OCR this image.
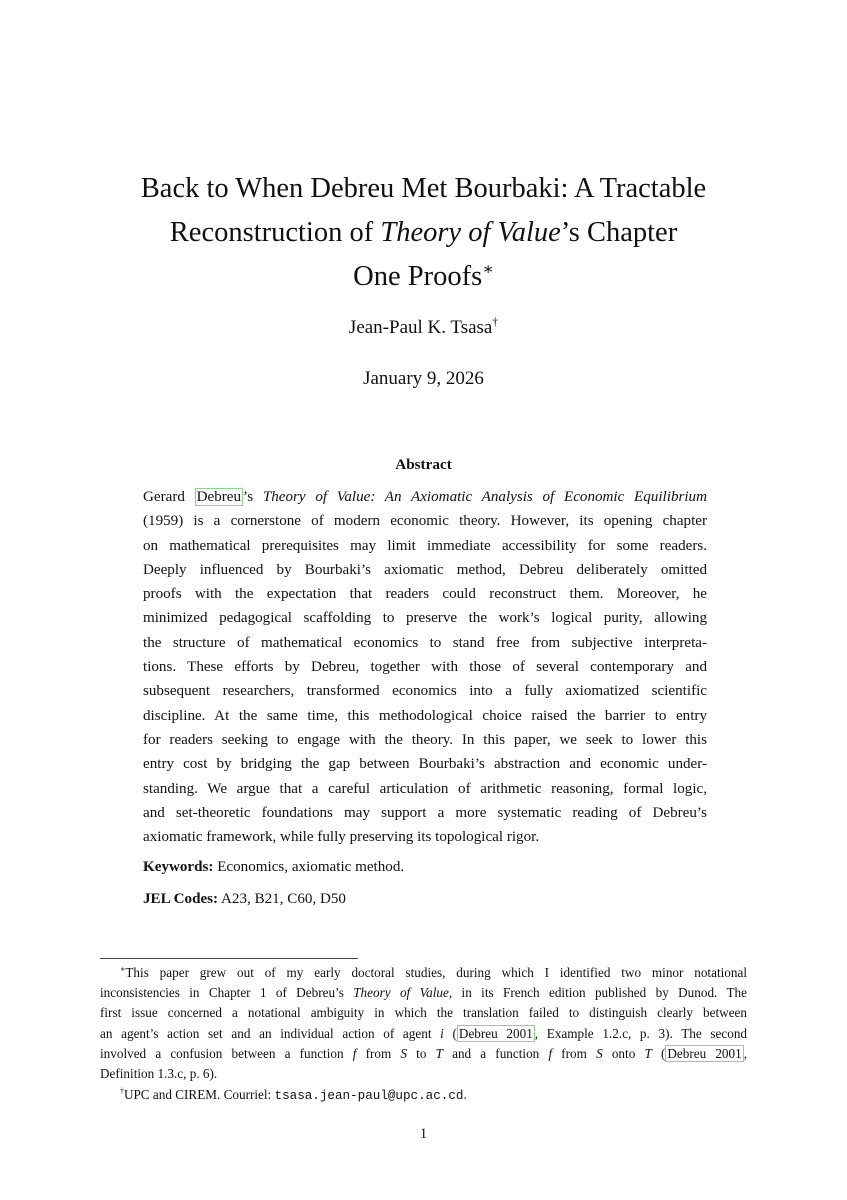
Back to When Debreu Met Bourbaki: A Tractable
Reconstruction of Theory of Value’s Chapter
One Proofs∗
Jean-Paul K. Tsasa†
January 9, 2026
Abstract
Gerard Debreu ’s Theory of Value: An Axiomatic Analysis of Economic Equilibrium
(1959) is a cornerstone of modern economic theory. However, its opening chapter
on mathematical prerequisites may limit immediate accessibility for some readers.
Deeply influenced by Bourbaki’s axiomatic method, Debreu deliberately omitted
proofs with the expectation that readers could reconstruct them. Moreover, he
minimized pedagogical scaffolding to preserve the work’s logical purity, allowing
the structure of mathematical economics to stand free from subjective interpreta-
tions. These efforts by Debreu, together with those of several contemporary and
subsequent researchers, transformed economics into a fully axiomatized scientific
discipline. At the same time, this methodological choice raised the barrier to entry
for readers seeking to engage with the theory. In this paper, we seek to lower this
entry cost by bridging the gap between Bourbaki’s abstraction and economic under-
standing. We argue that a careful articulation of arithmetic reasoning, formal logic,
and set-theoretic foundations may support a more systematic reading of Debreu’s
axiomatic framework, while fully preserving its topological rigor.
Keywords: Economics, axiomatic method.
JEL Codes: A23, B21, C60, D50
∗This paper grew out of my early doctoral studies, during which I identified two minor notational
inconsistencies in Chapter 1 of Debreu’s Theory of Value, in its French edition published by Dunod. The
first issue concerned a notational ambiguity in which the translation failed to distinguish clearly between
an agent’s action set and an individual action of agent i ( Debreu 2001 , Example 1.2.c, p. 3). The second
involved a confusion between a function f from S to T and a function f from S onto T ( Debreu 2001 ,
Definition 1.3.c, p. 6).
†UPC and CIREM. Courriel: tsasa.jean-paul@upc.ac.cd.
1
